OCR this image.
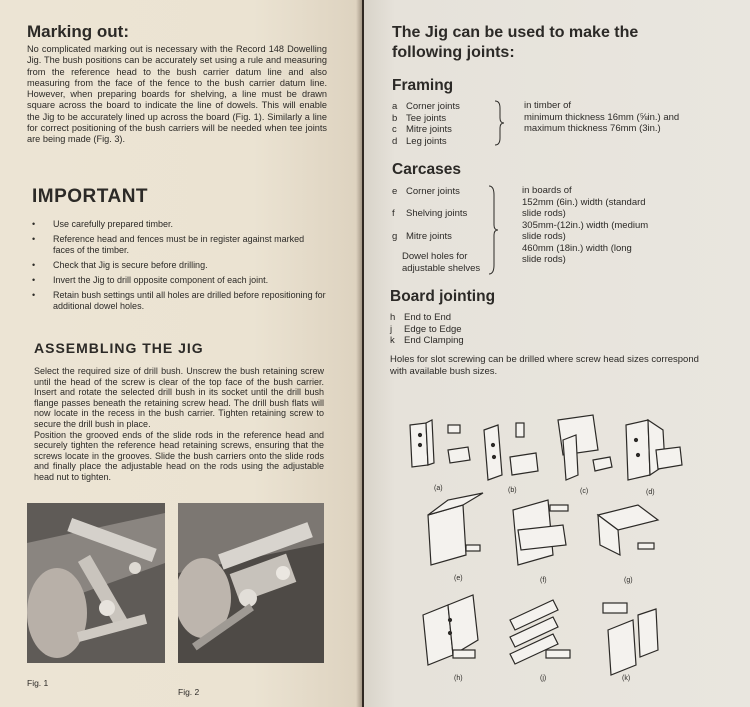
Marking out:
No complicated marking out is necessary with the Record 148 Dowelling Jig. The bush positions can be accurately set using a rule and measuring from the reference head to the bush carrier datum line and also measuring from the face of the fence to the bush carrier datum line. However, when preparing boards for shelving, a line must be drawn square across the board to indicate the line of dowels. This will enable the Jig to be accurately lined up across the board (Fig. 1). Similarly a line for correct positioning of the bush carriers will be needed when tee joints are being made (Fig. 3).
IMPORTANT
• Use carefully prepared timber.
• Reference head and fences must be in register against marked faces of the timber.
• Check that Jig is secure before drilling.
• Invert the Jig to drill opposite component of each joint.
• Retain bush settings until all holes are drilled before repositioning for additional dowel holes.
ASSEMBLING THE JIG

Select the required size of drill bush. Unscrew the bush retaining screw until the head of the screw is clear of the top face of the bush carrier. Insert and rotate the selected drill bush in its socket until the drill bush flange passes beneath the retaining screw head. The drill bush flats will now locate in the recess in the bush carrier. Tighten retaining screw to secure the drill bush in place.

Position the grooved ends of the slide rods in the reference head and securely tighten the reference head retaining screws, ensuring that the screws locate in the grooves. Slide the bush carriers onto the slide rods and finally place the adjustable head on the rods using the adjustable head nut to tighten.

Fig. 1
Fig. 2
The Jig can be used to make the following joints:
Framing
a Corner joints
b Tee joints
c Mitre joints
d Leg joints
in timber of
minimum thickness 16mm (⅝in.) and
maximum thickness 76mm (3in.)
Carcases
e Corner joints
f Shelving joints
g Mitre joints
Dowel holes for
adjustable shelves
in boards of
152mm (6in.) width (standard
slide rods)
305mm-(12in.) width (medium
slide rods)
460mm (18in.) width (long
slide rods)
Board jointing
h End to End
j Edge to Edge
k End Clamping
Holes for slot screwing can be drilled where screw head sizes correspond with available bush sizes.
(a)	(b)	(c)	(d)
(e)	(f)	(g)
(h)	(j)	(k)
